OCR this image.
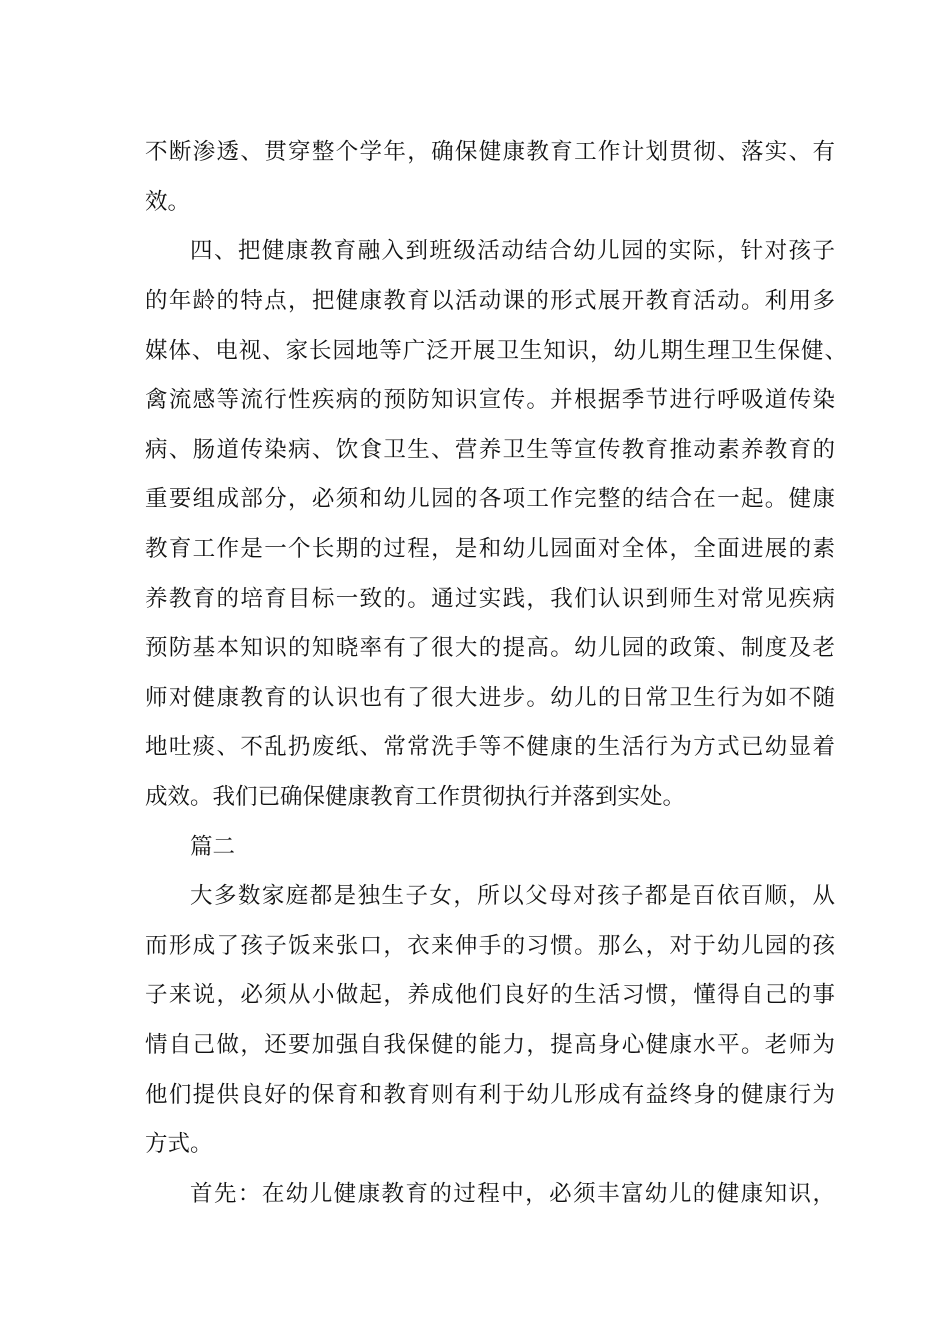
不断渗透、贯穿整个学年，确保健康教育工作计划贯彻、落实、有
效。
四、把健康教育融入到班级活动结合幼儿园的实际，针对孩子
的年龄的特点，把健康教育以活动课的形式展开教育活动。利用多
媒体、电视、家长园地等广泛开展卫生知识，幼儿期生理卫生保健、
禽流感等流行性疾病的预防知识宣传。并根据季节进行呼吸道传染
病、肠道传染病、饮食卫生、营养卫生等宣传教育推动素养教育的
重要组成部分，必须和幼儿园的各项工作完整的结合在一起。健康
教育工作是一个长期的过程，是和幼儿园面对全体，全面进展的素
养教育的培育目标一致的。通过实践，我们认识到师生对常见疾病
预防基本知识的知晓率有了很大的提高。幼儿园的政策、制度及老
师对健康教育的认识也有了很大进步。幼儿的日常卫生行为如不随
地吐痰、不乱扔废纸、常常洗手等不健康的生活行为方式已幼显着
成效。我们已确保健康教育工作贯彻执行并落到实处。
篇二
大多数家庭都是独生子女，所以父母对孩子都是百依百顺，从
而形成了孩子饭来张口，衣来伸手的习惯。那么，对于幼儿园的孩
子来说，必须从小做起，养成他们良好的生活习惯，懂得自己的事
情自己做，还要加强自我保健的能力，提高身心健康水平。老师为
他们提供良好的保育和教育则有利于幼儿形成有益终身的健康行为
方式。
首先：在幼儿健康教育的过程中，必须丰富幼儿的健康知识，
